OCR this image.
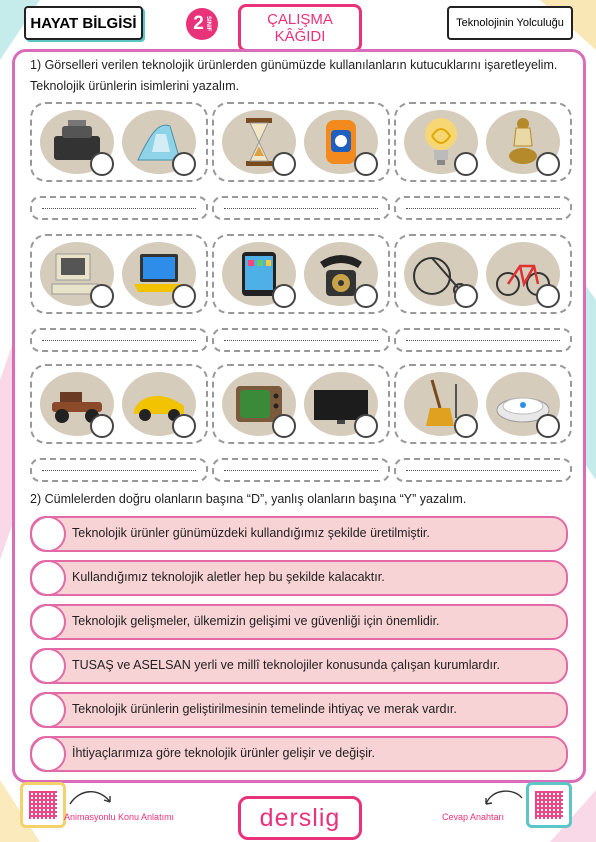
HAYAT BİLGİSİ	2 SINIF	ÇALIŞMA
KÂĞIDI
Teknolojinin Yolculuğu
1) Görselleri verilen teknolojik ürünlerden günümüzde kullanılanların kutucuklarını işaretleyelim.
Teknolojik ürünlerin isimlerini yazalım.
2) Cümlelerden doğru olanların başına “D”, yanlış olanların başına “Y” yazalım.
Teknolojik ürünler günümüzdeki kullandığımız şekilde üretilmiştir.
Kullandığımız teknolojik aletler hep bu şekilde kalacaktır.
Teknolojik gelişmeler, ülkemizin gelişimi ve güvenliği için önemlidir.
TUSAŞ ve ASELSAN yerli ve millî teknolojiler konusunda çalışan kurumlardır.
Teknolojik ürünlerin geliştirilmesinin temelinde ihtiyaç ve merak vardır.
İhtiyaçlarımıza göre teknolojik ürünler gelişir ve değişir.
Animasyonlu Konu Anlatımı	derslig	Cevap Anahtarı
